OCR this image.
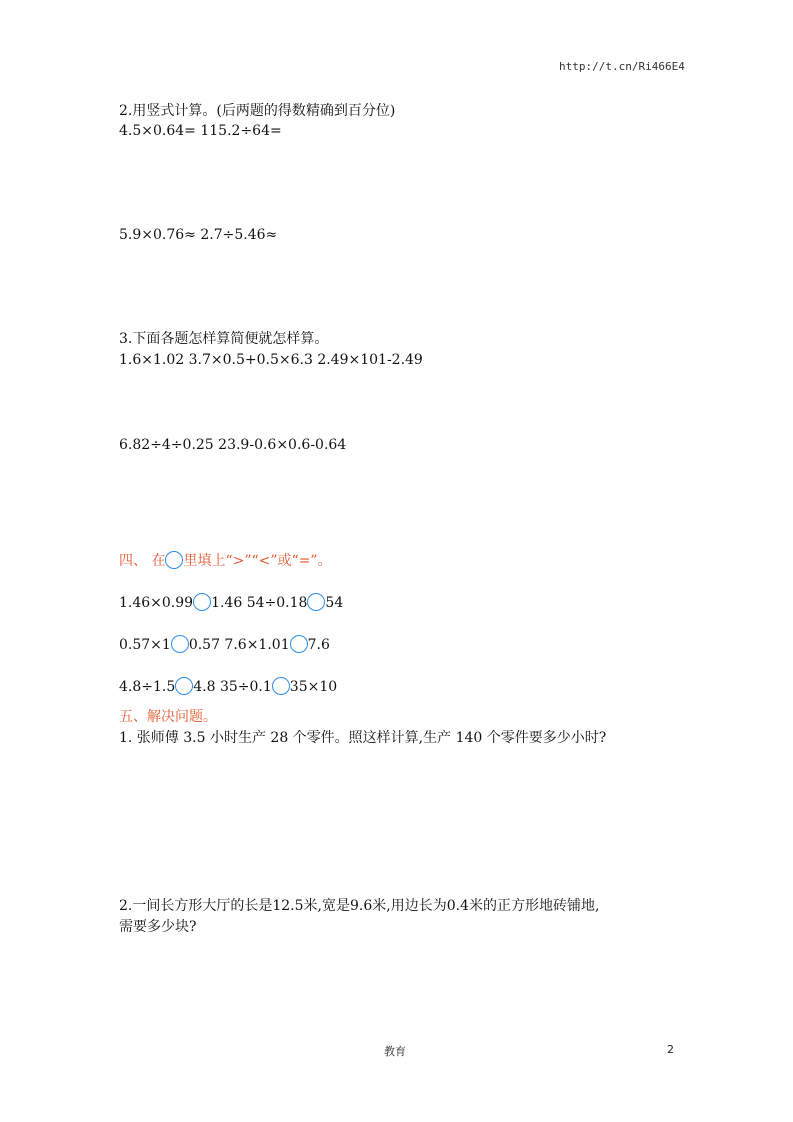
http://t.cn/Ri466E4
2.用竖式计算。(后两题的得数精确到百分位)
4.5×0.64= 115.2÷64=
5.9×0.76≈ 2.7÷5.46≈
3.下面各题怎样算简便就怎样算。
1.6×1.02 3.7×0.5+0.5×6.3 2.49×101-2.49
6.82÷4÷0.25 23.9-0.6×0.6-0.64
四、 在 里填上“>”“<”或“=”。
1.46×0.99 1.46 54÷0.18 54
0.57×1 0.57 7.6×1.01 7.6
4.8÷1.5 4.8 35÷0.1 35×10
五、解决问题。
1. 张师傅 3.5 小时生产 28 个零件。照这样计算,生产 140 个零件要多少小时?
2.一间长方形大厅的长是12.5米,宽是9.6米,用边长为0.4米的正方形地砖铺地,
需要多少块?
教育	2
